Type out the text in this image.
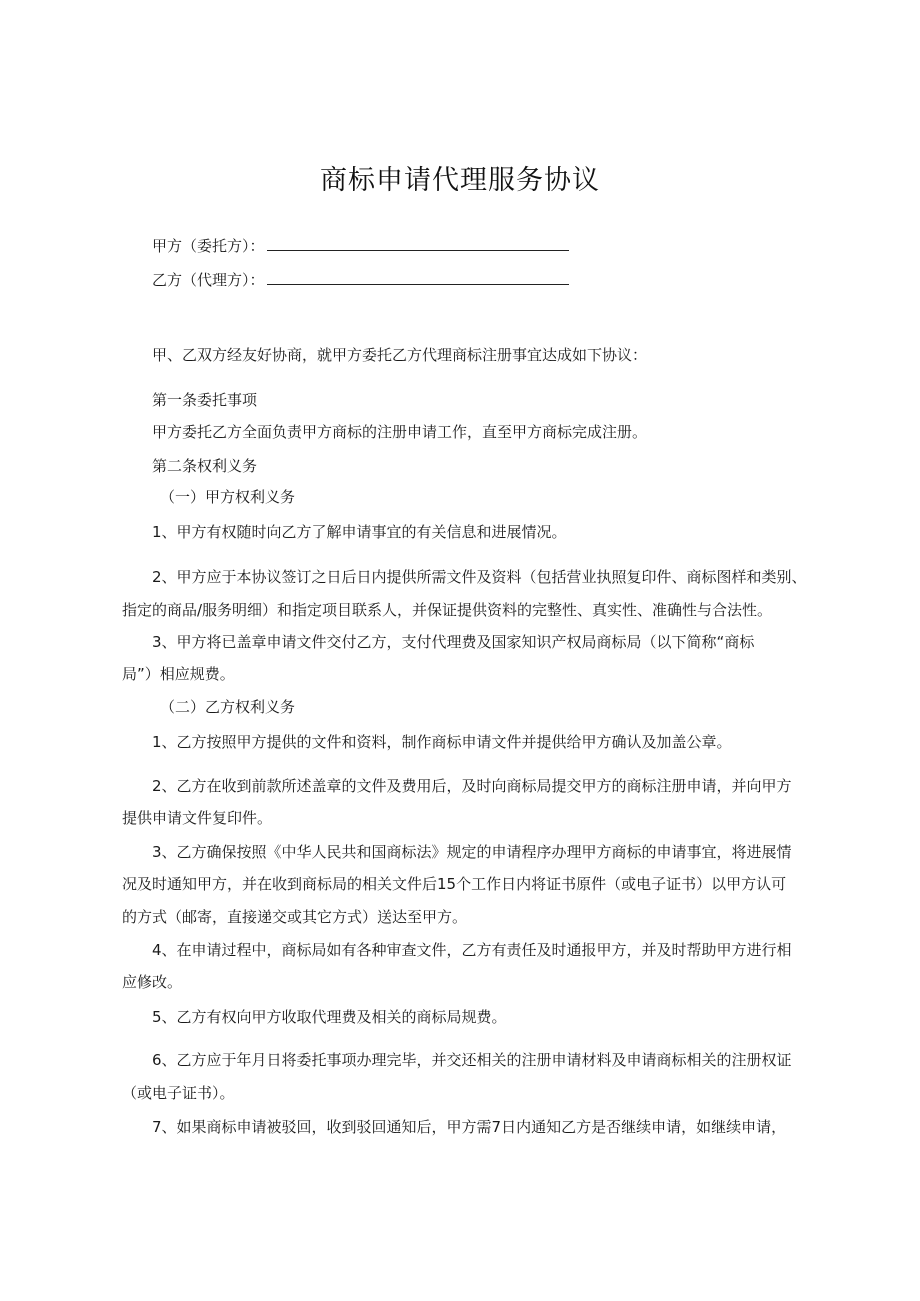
商标申请代理服务协议
甲方（委托方）：
乙方（代理方）：
甲、乙双方经友好协商，就甲方委托乙方代理商标注册事宜达成如下协议：
第一条委托事项
甲方委托乙方全面负责甲方商标的注册申请工作，直至甲方商标完成注册。
第二条权利义务
（一）甲方权利义务
1、甲方有权随时向乙方了解申请事宜的有关信息和进展情况。
2、甲方应于本协议签订之日后日内提供所需文件及资料（包括营业执照复印件、商标图样和类别、
指定的商品/服务明细）和指定项目联系人，并保证提供资料的完整性、真实性、准确性与合法性。
3、甲方将已盖章申请文件交付乙方，支付代理费及国家知识产权局商标局（以下简称“商标
局”）相应规费。
（二）乙方权利义务
1、乙方按照甲方提供的文件和资料，制作商标申请文件并提供给甲方确认及加盖公章。
2、乙方在收到前款所述盖章的文件及费用后，及时向商标局提交甲方的商标注册申请，并向甲方
提供申请文件复印件。
3、乙方确保按照《中华人民共和国商标法》规定的申请程序办理甲方商标的申请事宜，将进展情
况及时通知甲方，并在收到商标局的相关文件后15个工作日内将证书原件（或电子证书）以甲方认可
的方式（邮寄，直接递交或其它方式）送达至甲方。
4、在申请过程中，商标局如有各种审查文件，乙方有责任及时通报甲方，并及时帮助甲方进行相
应修改。
5、乙方有权向甲方收取代理费及相关的商标局规费。
6、乙方应于年月日将委托事项办理完毕，并交还相关的注册申请材料及申请商标相关的注册权证
（或电子证书）。
7、如果商标申请被驳回，收到驳回通知后，甲方需7日内通知乙方是否继续申请，如继续申请，
